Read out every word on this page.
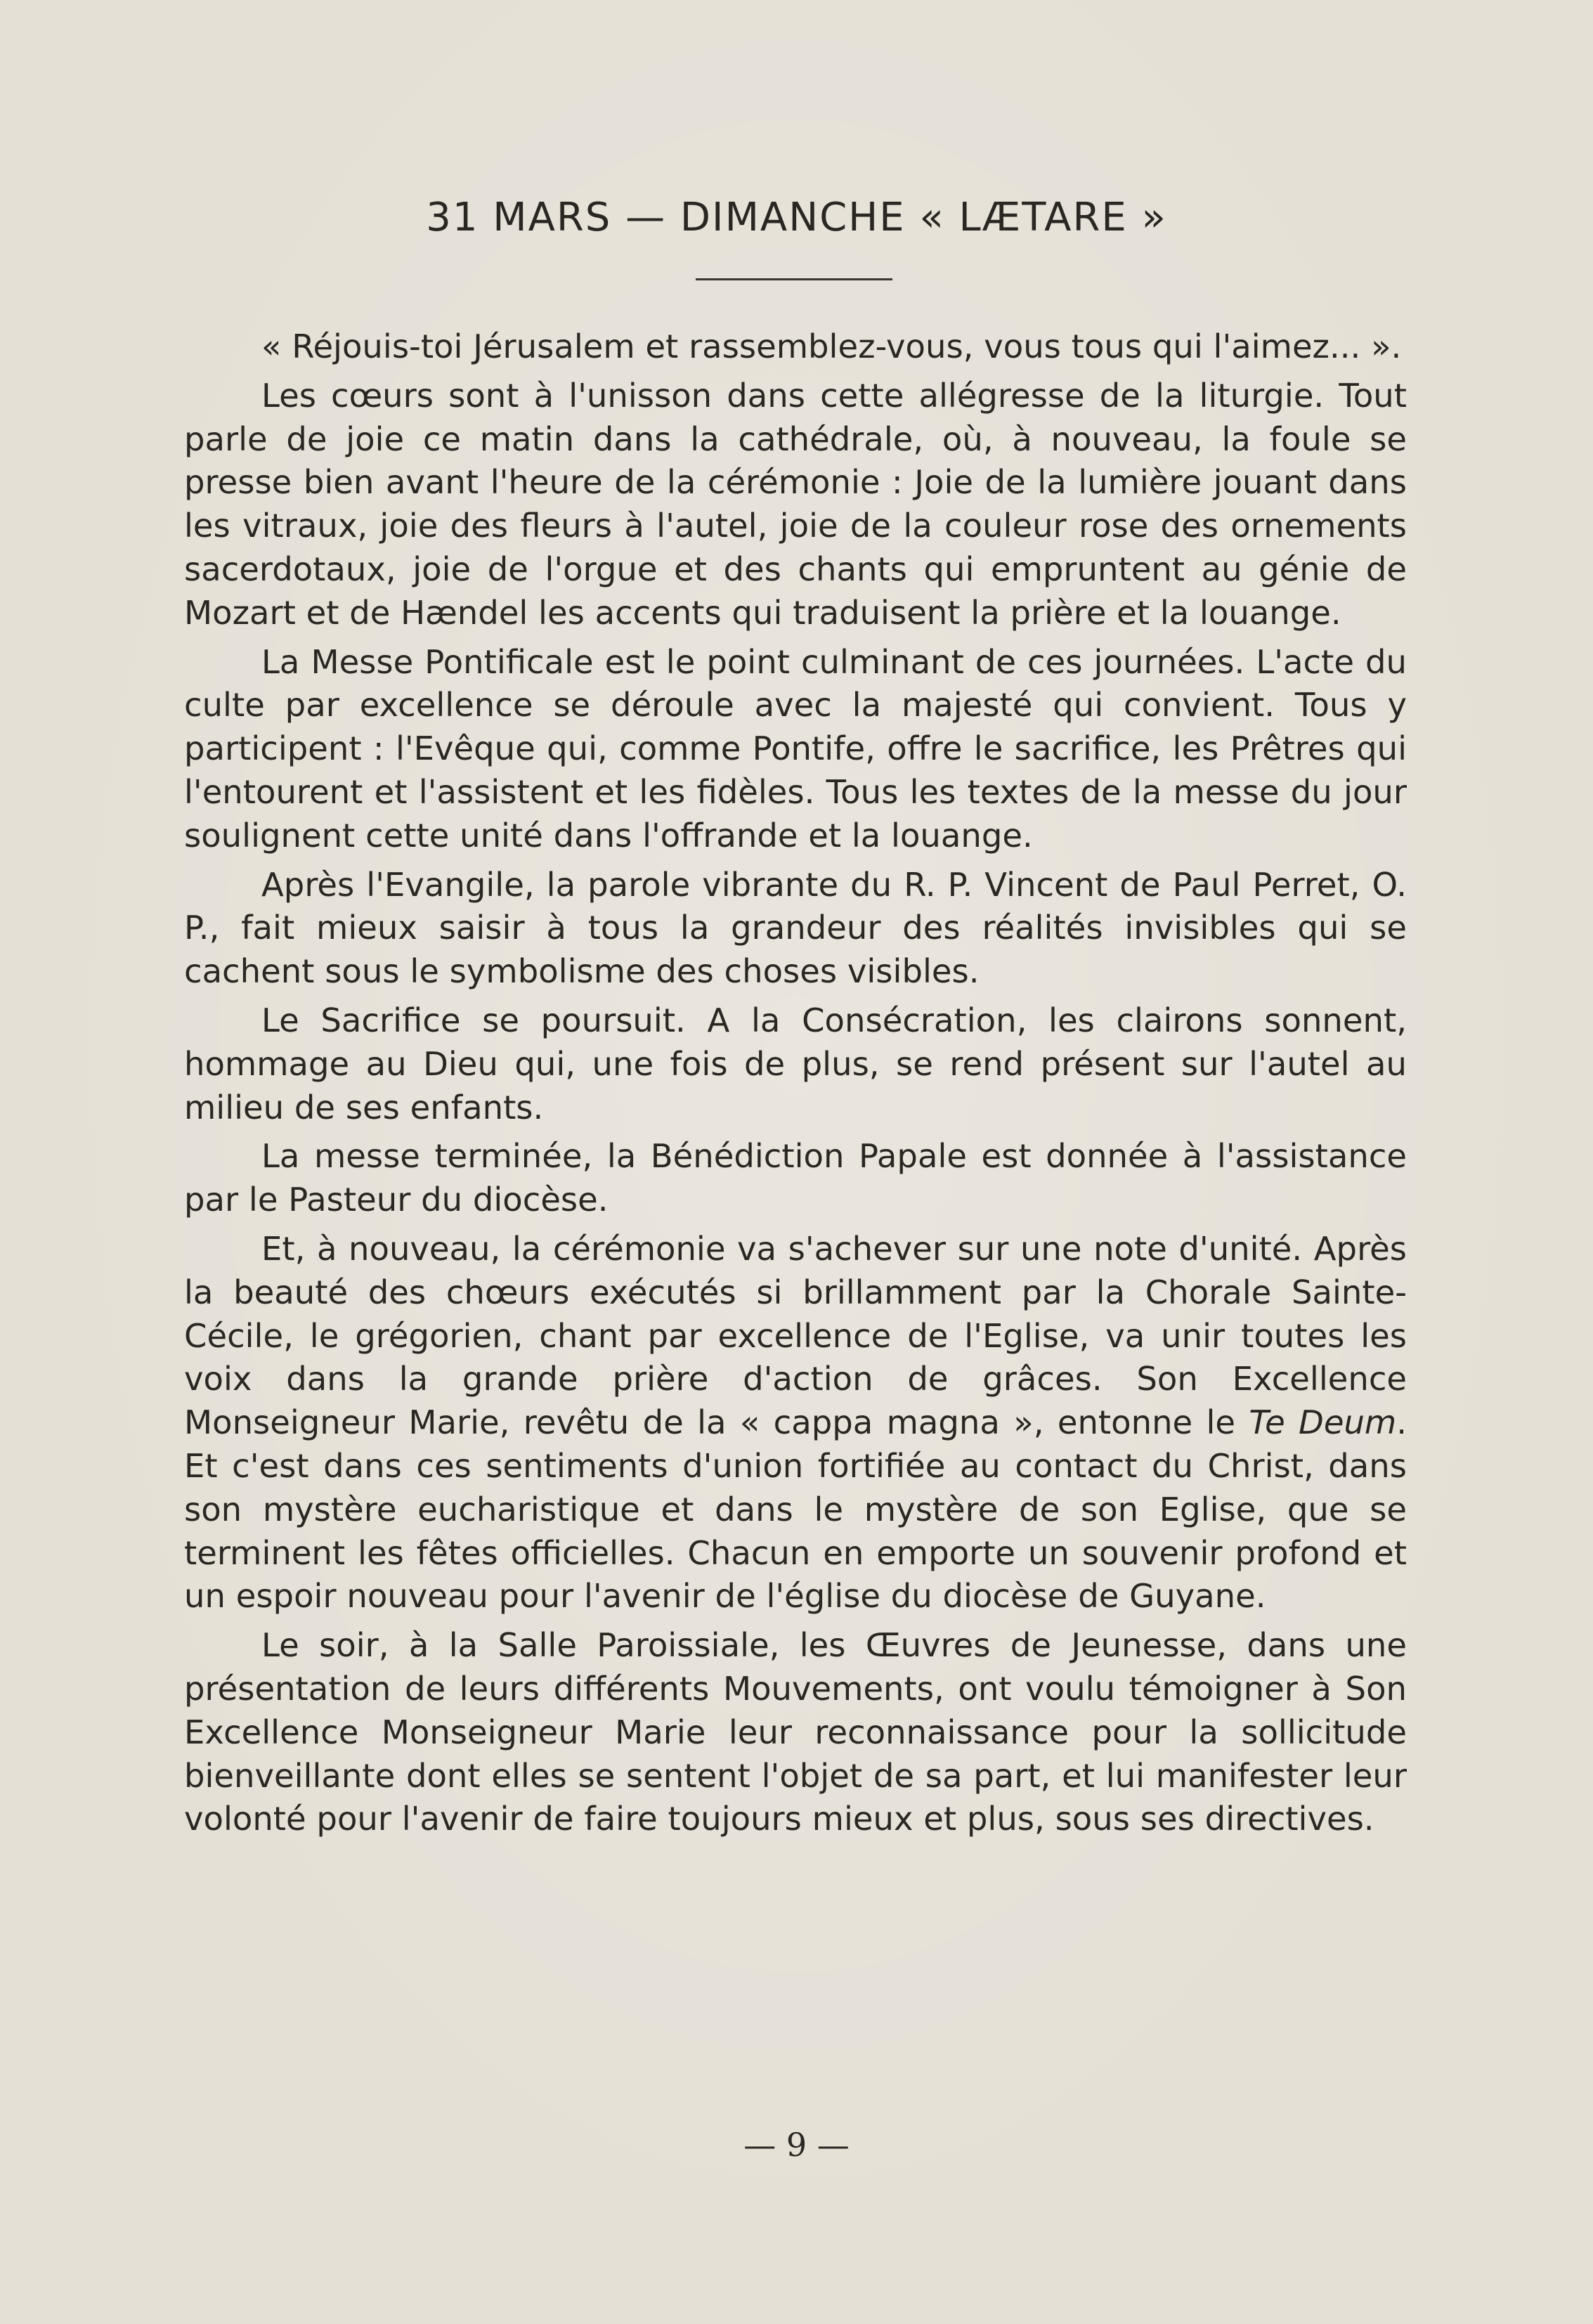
31 MARS — DIMANCHE « LÆTARE »

« Réjouis-toi Jérusalem et rassemblez-vous, vous tous qui l'aimez... ».

Les cœurs sont à l'unisson dans cette allégresse de la liturgie. Tout parle de joie ce matin dans la cathédrale, où, à nouveau, la foule se presse bien avant l'heure de la cérémonie : Joie de la lumière jouant dans les vitraux, joie des fleurs à l'autel, joie de la couleur rose des ornements sacerdotaux, joie de l'orgue et des chants qui empruntent au génie de Mozart et de Hændel les accents qui traduisent la prière et la louange.

La Messe Pontificale est le point culminant de ces journées. L'acte du culte par excellence se déroule avec la majesté qui convient. Tous y participent : l'Evêque qui, comme Pontife, offre le sacrifice, les Prêtres qui l'entourent et l'assistent et les fidèles. Tous les textes de la messe du jour soulignent cette unité dans l'offrande et la louange.

Après l'Evangile, la parole vibrante du R. P. Vincent de Paul Perret, O. P., fait mieux saisir à tous la grandeur des réalités invisibles qui se cachent sous le symbolisme des choses visibles.

Le Sacrifice se poursuit. A la Consécration, les clairons sonnent, hommage au Dieu qui, une fois de plus, se rend présent sur l'autel au milieu de ses enfants.

La messe terminée, la Bénédiction Papale est donnée à l'assistance par le Pasteur du diocèse.

Et, à nouveau, la cérémonie va s'achever sur une note d'unité. Après la beauté des chœurs exécutés si brillamment par la Chorale Sainte-Cécile, le grégorien, chant par excellence de l'Eglise, va unir toutes les voix dans la grande prière d'action de grâces. Son Excellence Monseigneur Marie, revêtu de la « cappa magna », entonne le Te Deum. Et c'est dans ces sentiments d'union fortifiée au contact du Christ, dans son mystère eucharistique et dans le mystère de son Eglise, que se terminent les fêtes officielles. Chacun en emporte un souvenir profond et un espoir nouveau pour l'avenir de l'église du diocèse de Guyane.

Le soir, à la Salle Paroissiale, les Œuvres de Jeunesse, dans une présentation de leurs différents Mouvements, ont voulu témoigner à Son Excellence Monseigneur Marie leur reconnaissance pour la sollicitude bienveillante dont elles se sentent l'objet de sa part, et lui manifester leur volonté pour l'avenir de faire toujours mieux et plus, sous ses directives.

— 9 —
